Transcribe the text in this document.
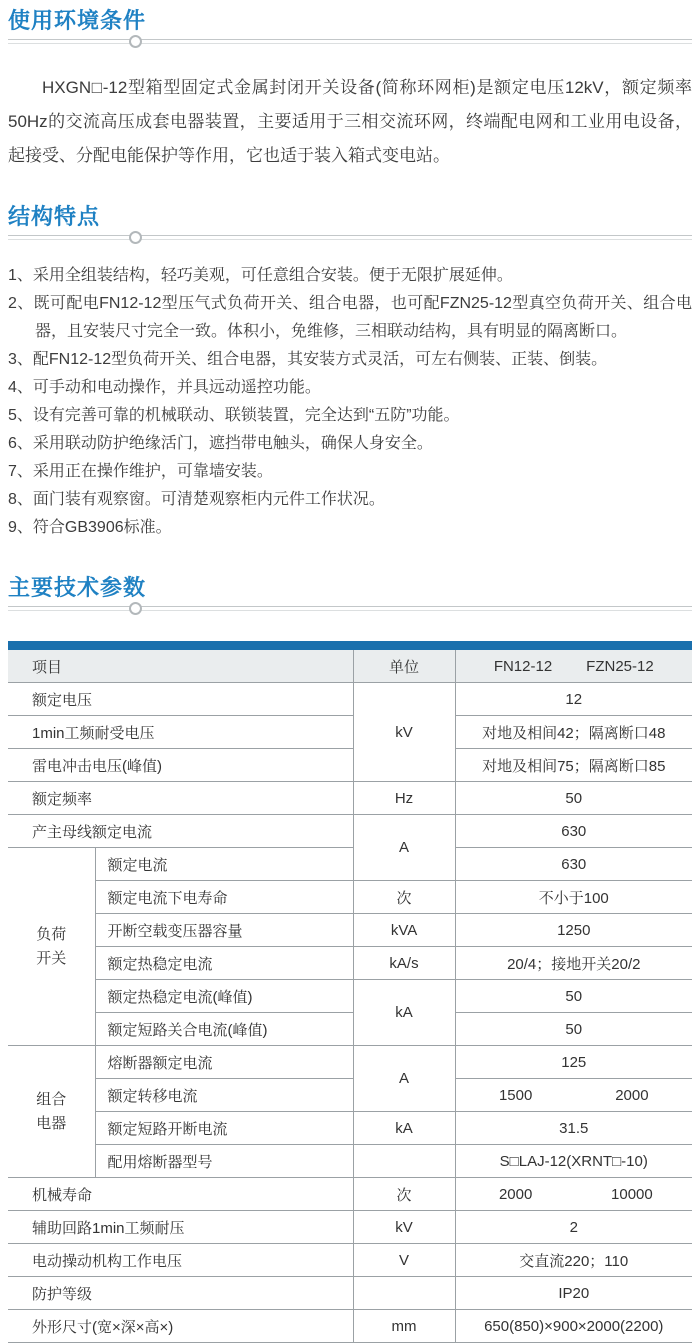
使用环境条件

HXGN□-12型箱型固定式金属封闭开关设备(简称环网柜)是额定电压12kV，额定频率50Hz的交流高压成套电器装置，主要适用于三相交流环网，终端配电网和工业用电设备，起接受、分配电能保护等作用，它也适于装入箱式变电站。

结构特点
1、采用全组装结构，轻巧美观，可任意组合安装。便于无限扩展延伸。
2、既可配电FN12-12型压气式负荷开关、组合电器，也可配FZN25-12型真空负荷开关、组合电器，且安装尺寸完全一致。体积小，免维修，三相联动结构，具有明显的隔离断口。
3、配FN12-12型负荷开关、组合电器，其安装方式灵活，可左右侧装、正装、倒装。
4、可手动和电动操作，并具远动遥控功能。
5、设有完善可靠的机械联动、联锁装置，完全达到“五防”功能。
6、采用联动防护绝缘活门，遮挡带电触头，确保人身安全。
7、采用正在操作维护，可靠墙安装。
8、面门装有观察窗。可清楚观察柜内元件工作状况。
9、符合GB3906标准。
主要技术参数
项目		单位	FN12-12 FZN25-12

额定电压		kV	12
1min工频耐受电压			对地及相间42；隔离断口48
雷电冲击电压(峰值)			对地及相间75；隔离断口85
额定频率		Hz	50
产主母线额定电流		A	630

负荷
开关	额定电流		630
	额定电流下电寿命	次	不小于100
	开断空载变压器容量	kVA	1250
	额定热稳定电流	kA/s	20/4；接地开关20/2
	额定热稳定电流(峰值)	kA	50
	额定短路关合电流(峰值)		50

组合
电器	熔断器额定电流	A	125
	额定转移电流		1500 2000

	额定短路开断电流	kA	31.5
	配用熔断器型号		S□LAJ-12(XRNT□-10)
机械寿命		次	2000 10000

辅助回路1min工频耐压		kV	2
电动操动机构工作电压		V	交直流220；110
防护等级			IP20
外形尺寸(宽×深×高×)		mm	650(850)×900×2000(2200)
